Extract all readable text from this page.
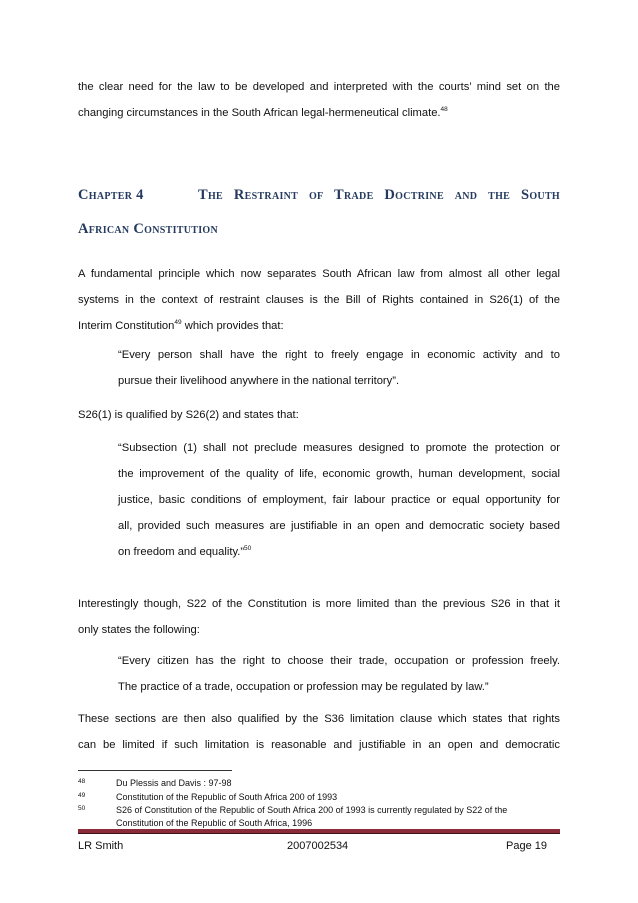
the clear need for the law to be developed and interpreted with the courts’ mind set on the
changing circumstances in the South African legal-hermeneutical climate.$^{48}$

Chapter 4	The Restraint of Trade Doctrine and the South
African Constitution

A fundamental principle which now separates South African law from almost all other legal
systems in the context of restraint clauses is the Bill of Rights contained in S26(1) of the
Interim Constitution$^{49}$ which provides that:

“Every person shall have the right to freely engage in economic activity and to
pursue their livelihood anywhere in the national territory”.

S26(1) is qualified by S26(2) and states that:

“Subsection (1) shall not preclude measures designed to promote the protection or
the improvement of the quality of life, economic growth, human development, social
justice, basic conditions of employment, fair labour practice or equal opportunity for
all, provided such measures are justifiable in an open and democratic society based
on freedom and equality.”$^{50}$

Interestingly though, S22 of the Constitution is more limited than the previous S26 in that it
only states the following:

“Every citizen has the right to choose their trade, occupation or profession freely.
The practice of a trade, occupation or profession may be regulated by law.”

These sections are then also qualified by the S36 limitation clause which states that rights
can be limited if such limitation is reasonable and justifiable in an open and democratic

48	Du Plessis and Davis : 97-98
49	Constitution of the Republic of South Africa 200 of 1993
50	S26 of Constitution of the Republic of South Africa 200 of 1993 is currently regulated by S22 of the Constitution of the Republic of South Africa, 1996
LR Smith	2007002534	Page 19
